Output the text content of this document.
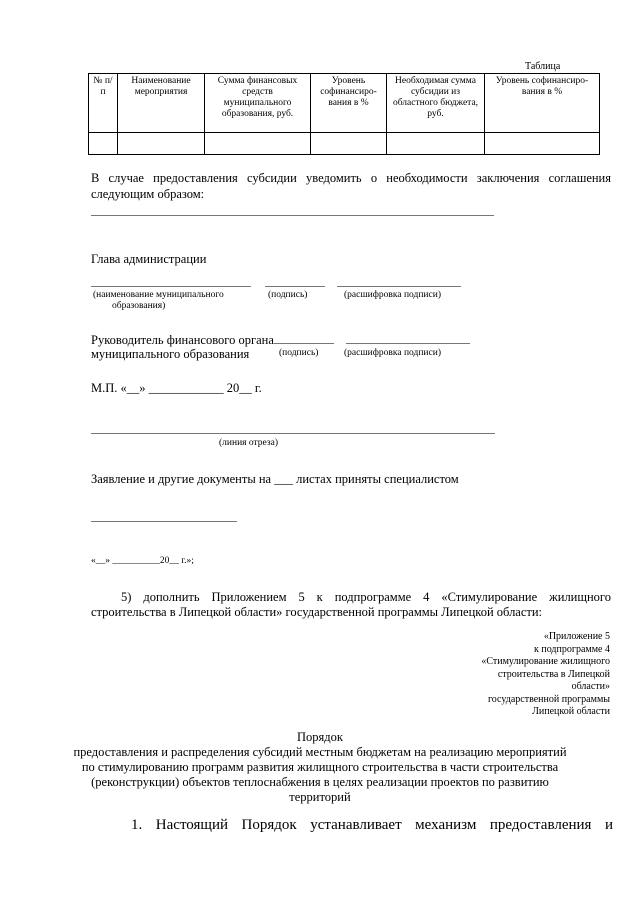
Таблица
№ п/п	Наименование мероприятия	Сумма финансовых средств муниципального образования, руб.	Уровень софинансиро-вания в %	Необходимая сумма субсидии из областного бюджета, руб.	Уровень софинансиро-вания в %

В случае предоставления субсидии уведомить о необходимости заключения соглашения
следующим образом:
Глава администрации
(наименование муниципального
образования)
(подпись)	(расшифровка подписи)
Руководитель финансового органа
муниципального образования	(подпись)	(расшифровка подписи)
М.П. «__» ____________ 20__ г.
(линия отреза)
Заявление и другие документы на ___ листах приняты специалистом
«__» __________20__ г.»;
5) дополнить Приложением 5 к подпрограмме 4 «Стимулирование жилищного
строительства в Липецкой области» государственной программы Липецкой области:
«Приложение 5
к подпрограмме 4
«Стимулирование жилищного
строительства в Липецкой
области»
государственной программы
Липецкой области
Порядок
предоставления и распределения субсидий местным бюджетам на реализацию мероприятий
по стимулированию программ развития жилищного строительства в части строительства
(реконструкции) объектов теплоснабжения в целях реализации проектов по развитию
территорий
1. Настоящий Порядок устанавливает механизм предоставления и
